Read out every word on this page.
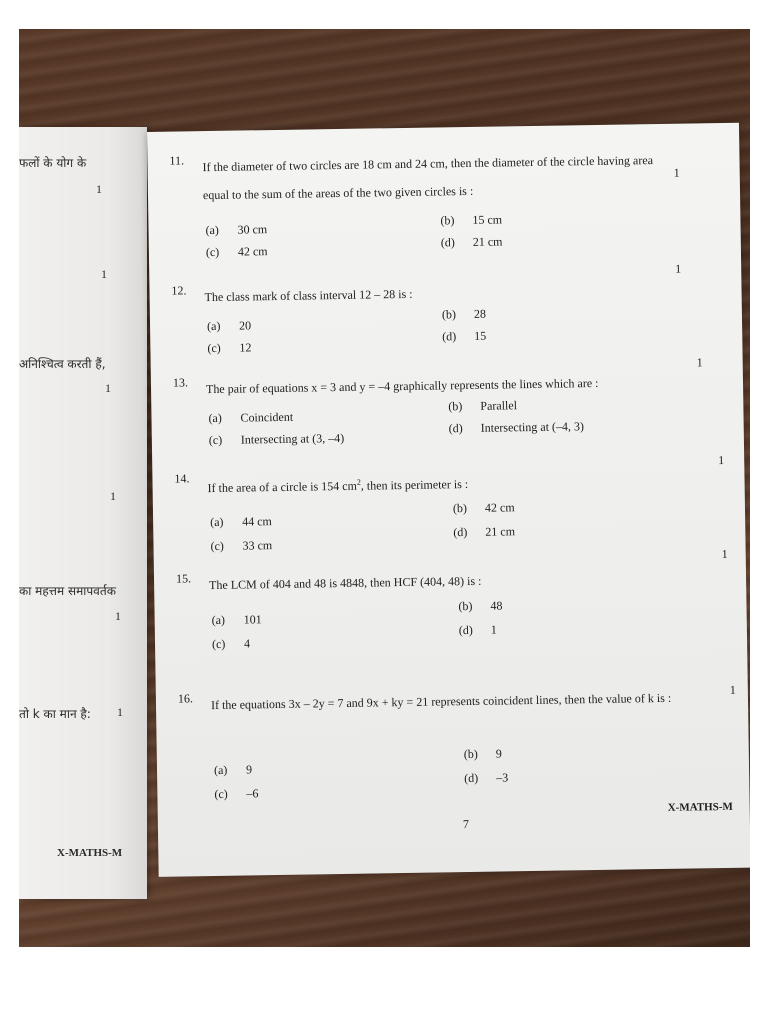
फलों के योग के
1
1
अनिश्चित्व करती हैं,
1
1
का महत्तम समापवर्तक
1
तो k का मान है: 1
X-MATHS-M
11. If the diameter of two circles are 18 cm and 24 cm, then the diameter of the circle having area equal to the sum of the areas of the two given circles is :
1
(a) 30 cm
(b) 15 cm
(c) 42 cm
(d) 21 cm
12. The class mark of class interval 12 – 28 is :
1
(a) 20
(b) 28
(c) 12
(d) 15
13. The pair of equations x = 3 and y = –4 graphically represents the lines which are :
1
(a) Coincident
(b) Parallel
(c) Intersecting at (3, –4)
(d) Intersecting at (–4, 3)
14.
If the area of a circle is 154 $cm^2$, then its perimeter is :
1
(a) 44 cm
(b) 42 cm
(c) 33 cm
(d) 21 cm
15. The LCM of 404 and 48 is 4848, then HCF (404, 48) is :
1
(a) 101
(b) 48
(c) 4
(d) 1
16. If the equations 3x – 2y = 7 and 9x + ky = 21 represents coincident lines, then the value of k is :
1
(a) 9
(b) 9
(c) –6
(d) –3
7
X-MATHS-M
